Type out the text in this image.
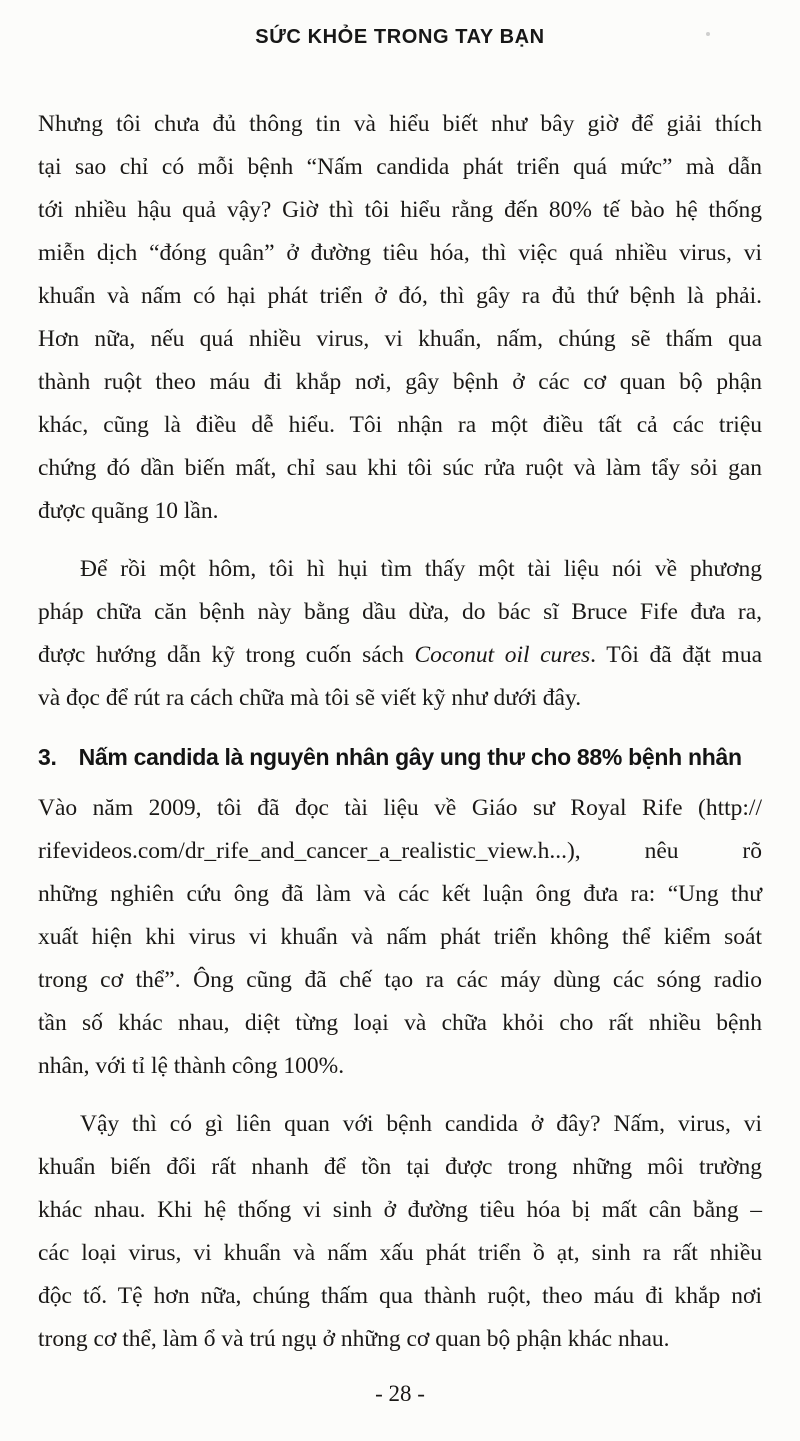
SỨC KHỎE TRONG TAY BẠN
Nhưng tôi chưa đủ thông tin và hiểu biết như bây giờ để giải thích
tại sao chỉ có mỗi bệnh “Nấm candida phát triển quá mức” mà dẫn
tới nhiều hậu quả vậy? Giờ thì tôi hiểu rằng đến 80% tế bào hệ thống
miễn dịch “đóng quân” ở đường tiêu hóa, thì việc quá nhiều virus, vi
khuẩn và nấm có hại phát triển ở đó, thì gây ra đủ thứ bệnh là phải.
Hơn nữa, nếu quá nhiều virus, vi khuẩn, nấm, chúng sẽ thấm qua
thành ruột theo máu đi khắp nơi, gây bệnh ở các cơ quan bộ phận
khác, cũng là điều dễ hiểu. Tôi nhận ra một điều tất cả các triệu
chứng đó dần biến mất, chỉ sau khi tôi súc rửa ruột và làm tẩy sỏi gan
được quãng 10 lần.
Để rồi một hôm, tôi hì hụi tìm thấy một tài liệu nói về phương
pháp chữa căn bệnh này bằng dầu dừa, do bác sĩ Bruce Fife đưa ra,
được hướng dẫn kỹ trong cuốn sách Coconut oil cures. Tôi đã đặt mua
và đọc để rút ra cách chữa mà tôi sẽ viết kỹ như dưới đây.
3. Nấm candida là nguyên nhân gây ung thư cho 88% bệnh nhân
Vào năm 2009, tôi đã đọc tài liệu về Giáo sư Royal Rife (http://
rifevideos.com/dr_rife_and_cancer_a_realistic_view.h...), nêu rõ
những nghiên cứu ông đã làm và các kết luận ông đưa ra: “Ung thư
xuất hiện khi virus vi khuẩn và nấm phát triển không thể kiểm soát
trong cơ thể”. Ông cũng đã chế tạo ra các máy dùng các sóng radio
tần số khác nhau, diệt từng loại và chữa khỏi cho rất nhiều bệnh
nhân, với tỉ lệ thành công 100%.
Vậy thì có gì liên quan với bệnh candida ở đây? Nấm, virus, vi
khuẩn biến đổi rất nhanh để tồn tại được trong những môi trường
khác nhau. Khi hệ thống vi sinh ở đường tiêu hóa bị mất cân bằng –
các loại virus, vi khuẩn và nấm xấu phát triển ồ ạt, sinh ra rất nhiều
độc tố. Tệ hơn nữa, chúng thấm qua thành ruột, theo máu đi khắp nơi
trong cơ thể, làm ổ và trú ngụ ở những cơ quan bộ phận khác nhau.
- 28 -
